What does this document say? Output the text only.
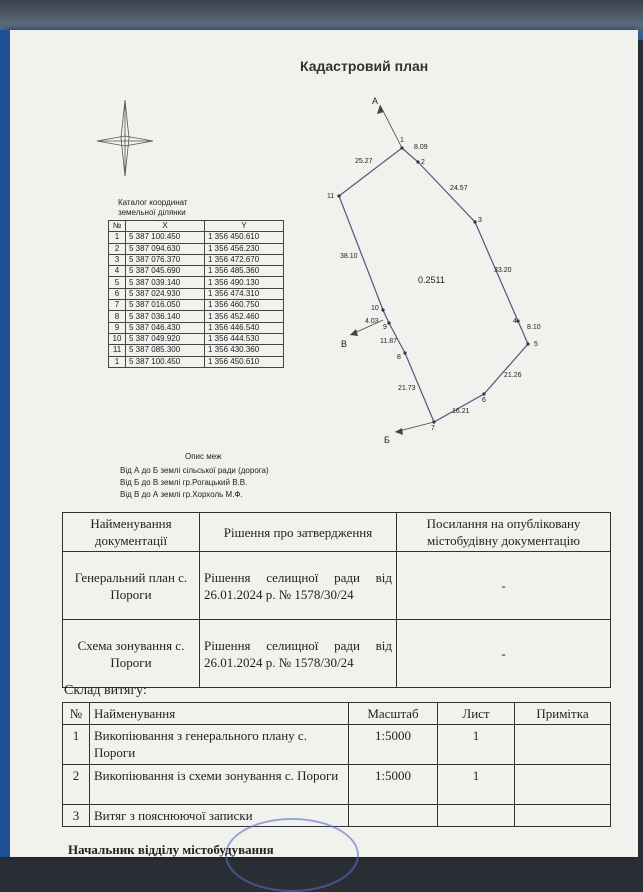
Кадастровий план
1
8.09
2
24.57
3
33.20
4
8.10
5
21.26
6
16.21
7
21.73
8
11.87
9
4.03
10
38.10
11
25.27
А
В
Б
0.2511
Каталог координат
земельної ділянки
№	X	Y
1	5 387 100.450	1 356 450.610
2	5 387 094.630	1 356 456.230
3	5 387 076.370	1 356 472.670
4	5 387 045.690	1 356 485.360
5	5 387 039.140	1 356 490.130
6	5 387 024.930	1 356 474.310
7	5 387 016.050	1 356 460.750
8	5 387 036.140	1 356 452.460
9	5 387 046.430	1 356 446.540
10	5 387 049.920	1 356 444.530
11	5 387 085.300	1 356 430.360
1	5 387 100.450	1 356 450.610
Опис меж
Від А до Б землі сільської ради (дорога)
Від Б до В землі гр.Рогацький В.В.
Від В до А землі гр.Хорхоль М.Ф.
Найменування документації	Рішення про затвердження	Посилання на опубліковану містобудівну документацію
Генеральний план с. Пороги	Рішення селищної ради від 26.01.2024 р. № 1578/30/24	-
Схема зонування с. Пороги	Рішення селищної ради від 26.01.2024 р. № 1578/30/24	-
Склад витягу:
№	Найменування	Масштаб	Лист	Примітка
1	Викопіювання з генерального плану с. Пороги	1:5000	1	
2	Викопіювання із схеми зонування с. Пороги	1:5000	1	
3	Витяг з пояснюючої записки			
Начальник відділу містобудування
